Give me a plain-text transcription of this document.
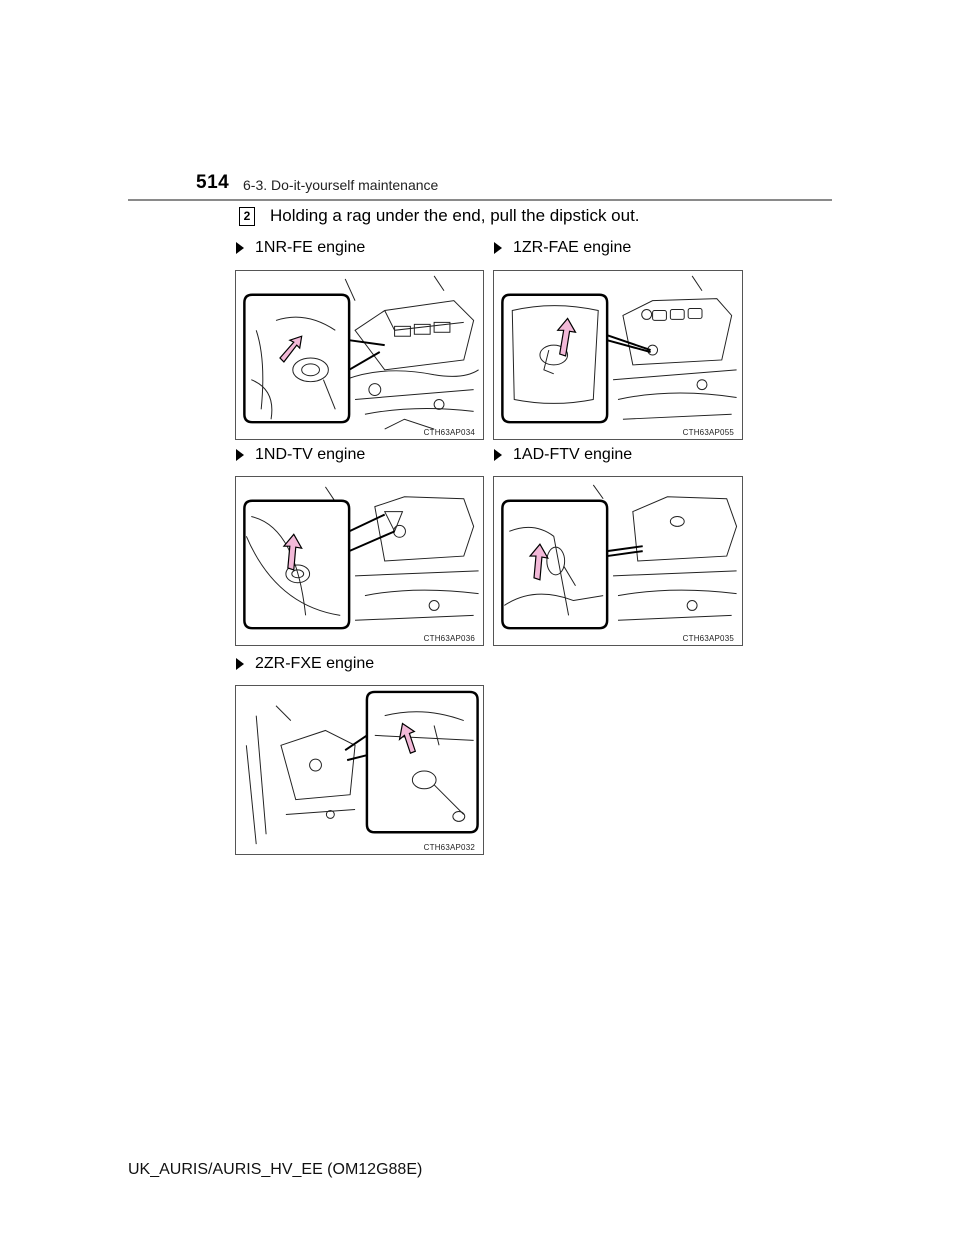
514 6-3. Do-it-yourself maintenance
2 Holding a rag under the end, pull the dipstick out.
1NR-FE engine	1ZR-FAE engine
1ND-TV engine	1AD-FTV engine
2ZR-FXE engine
CTH63AP034	CTH63AP055
CTH63AP036	CTH63AP035
CTH63AP032
UK_AURIS/AURIS_HV_EE (OM12G88E)
